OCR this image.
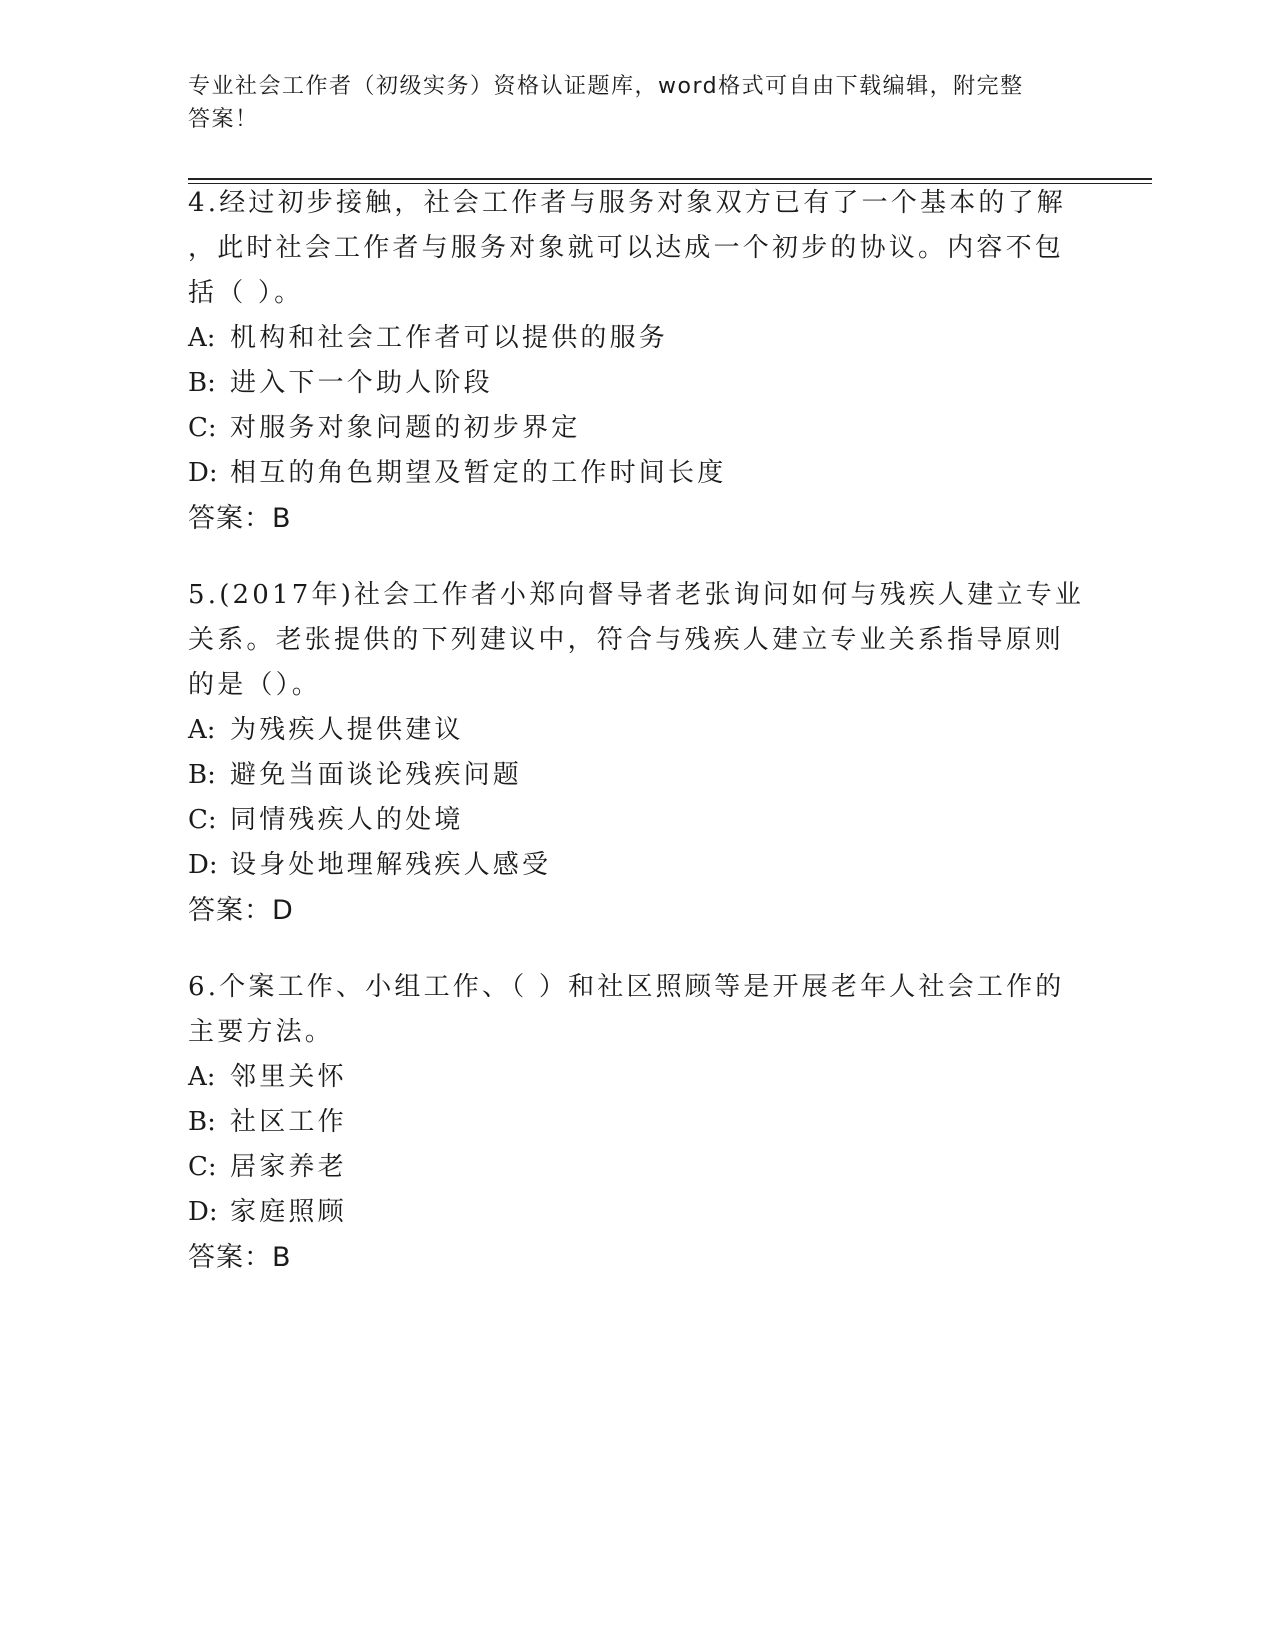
专业社会工作者（初级实务）资格认证题库，word格式可自由下载编辑，附完整
答案！

4.经过初步接触，社会工作者与服务对象双方已有了一个基本的了解

，此时社会工作者与服务对象就可以达成一个初步的协议。内容不包

括（ ）。

A: 机构和社会工作者可以提供的服务

B: 进入下一个助人阶段

C: 对服务对象问题的初步界定

D: 相互的角色期望及暂定的工作时间长度

答案：B

5.(2017年)社会工作者小郑向督导者老张询问如何与残疾人建立专业

关系。老张提供的下列建议中，符合与残疾人建立专业关系指导原则

的是（）。

A: 为残疾人提供建议

B: 避免当面谈论残疾问题

C: 同情残疾人的处境

D: 设身处地理解残疾人感受

答案：D

6.个案工作、小组工作、（ ）和社区照顾等是开展老年人社会工作的

主要方法。

A: 邻里关怀

B: 社区工作

C: 居家养老

D: 家庭照顾

答案：B
